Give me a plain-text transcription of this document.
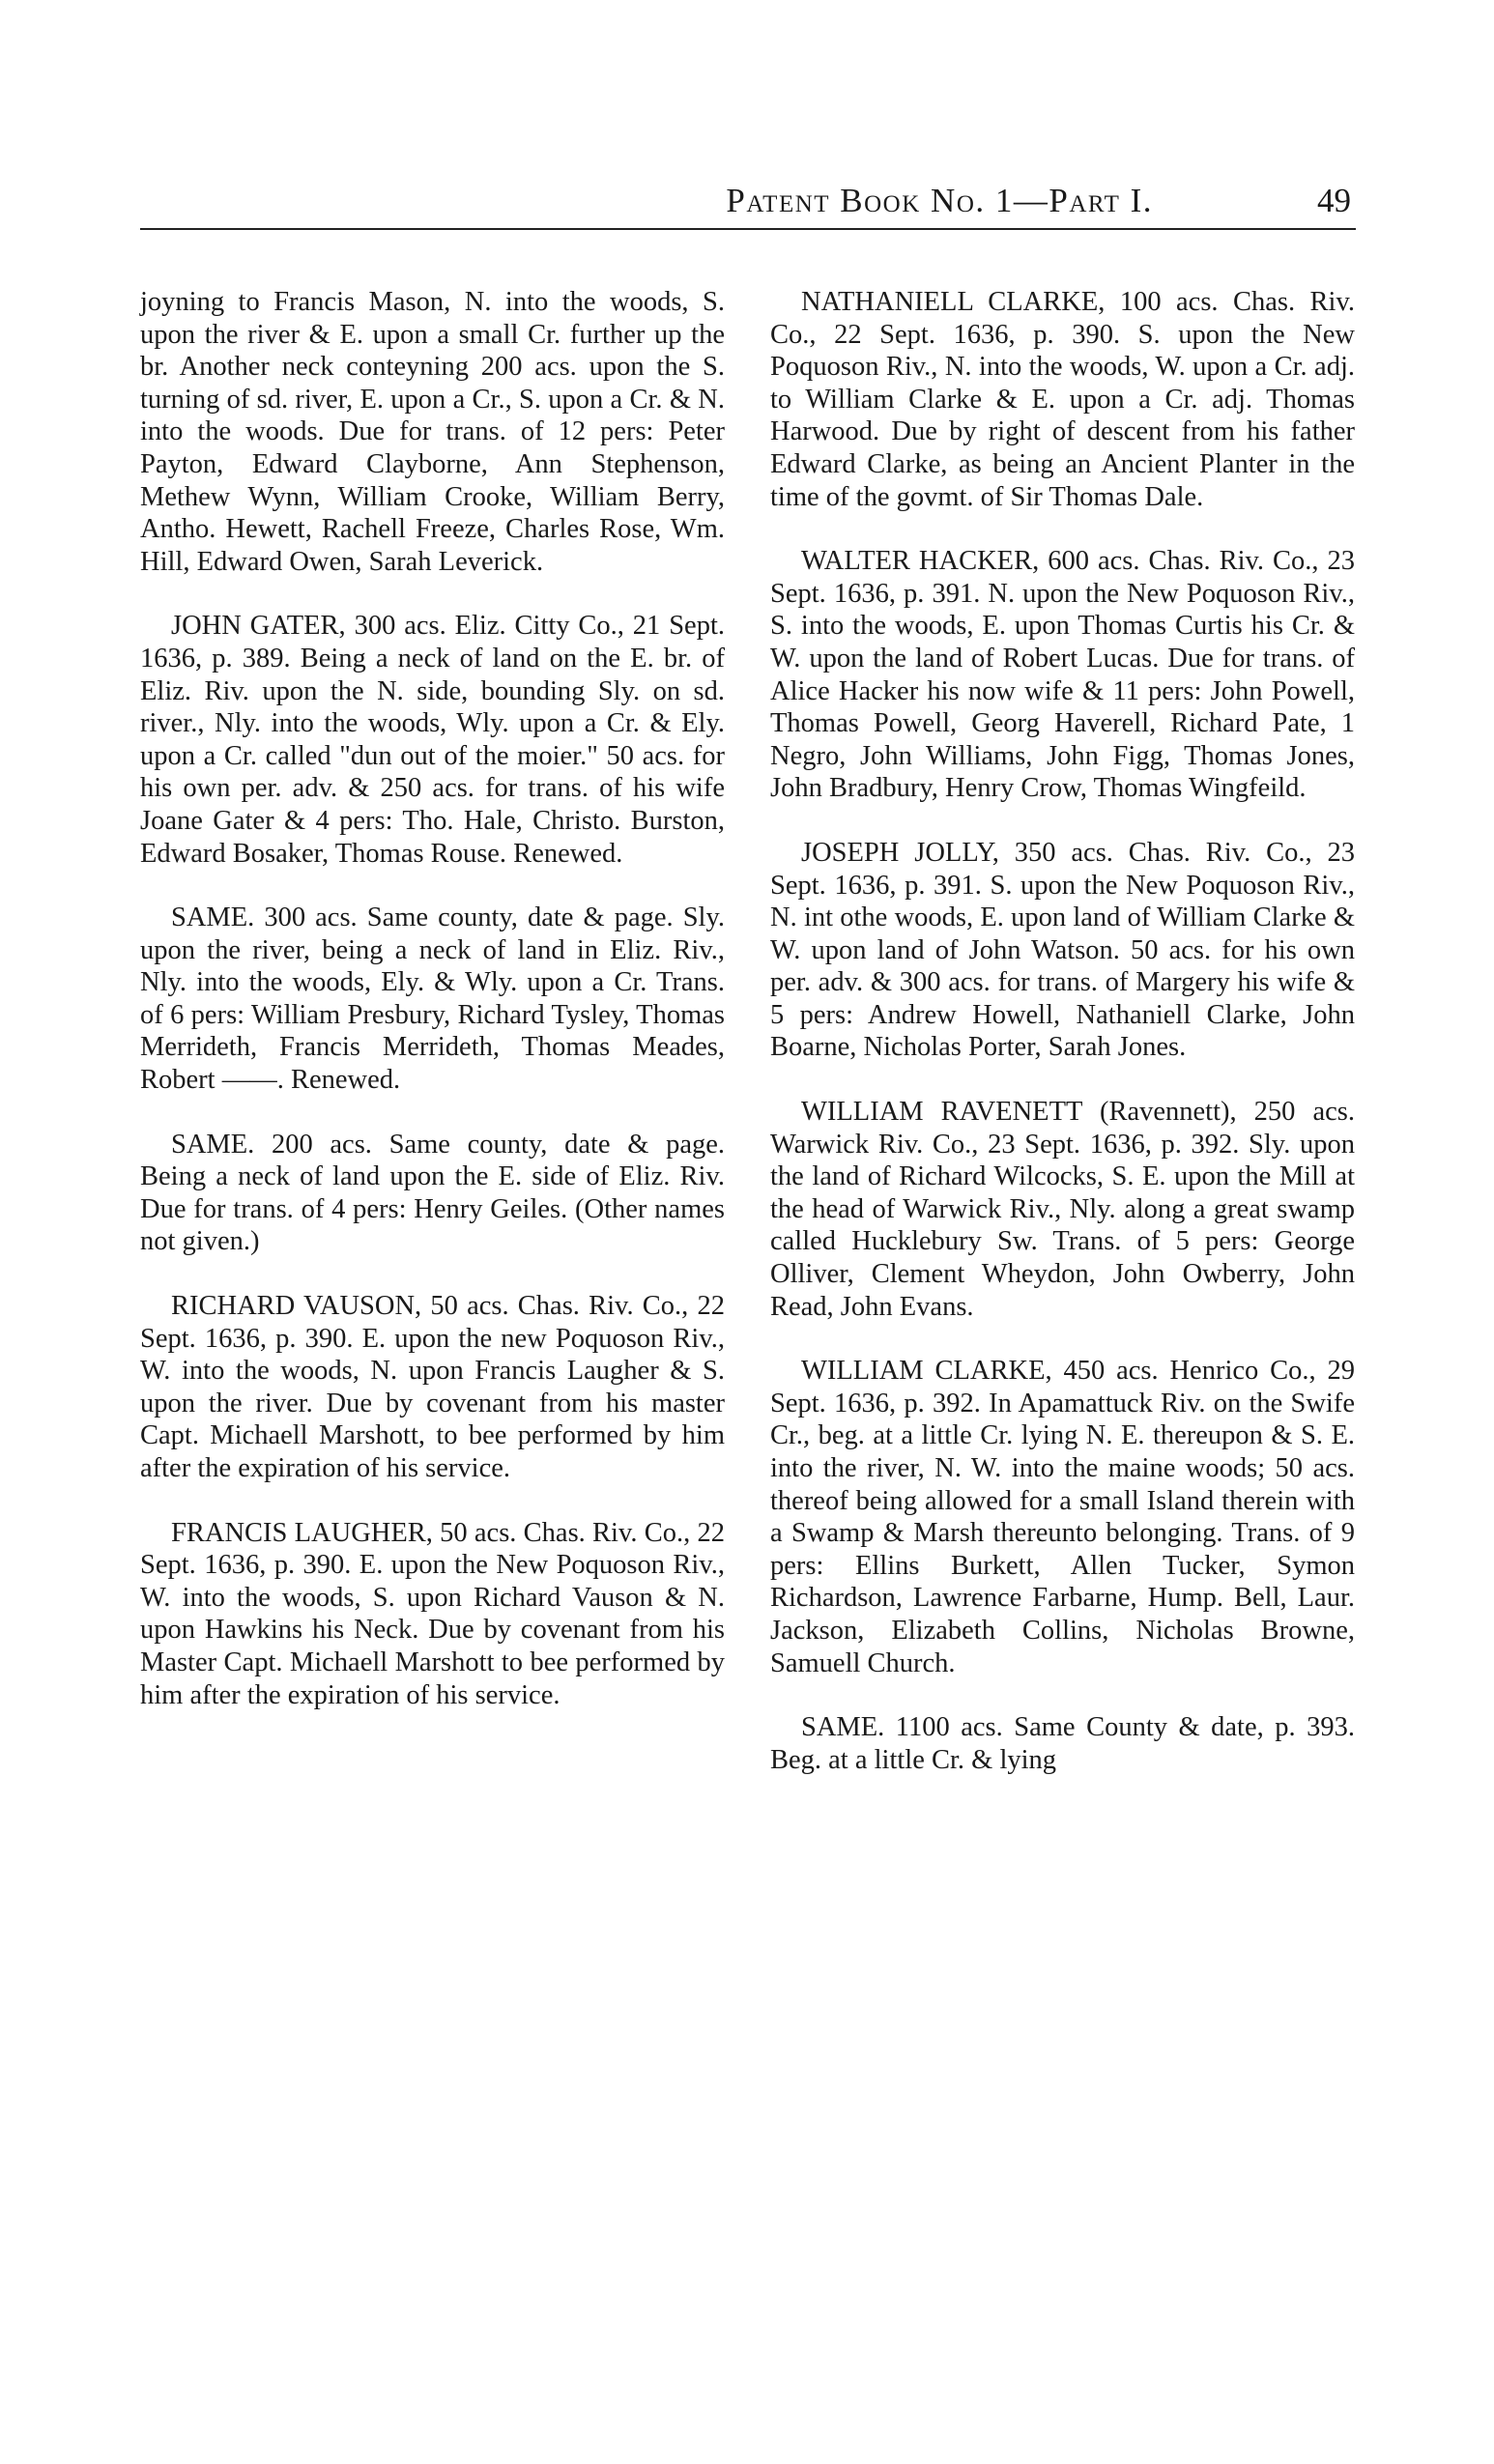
Patent Book No. 1—Part I.	49

joyning to Francis Mason, N. into the woods, S. upon the river & E. upon a small Cr. further up the br. Another neck conteyning 200 acs. upon the S. turning of sd. river, E. upon a Cr., S. upon a Cr. & N. into the woods. Due for trans. of 12 pers: Peter Payton, Edward Clayborne, Ann Stephenson, Methew Wynn, William Crooke, William Berry, Antho. Hewett, Rachell Freeze, Charles Rose, Wm. Hill, Edward Owen, Sarah Leverick.

JOHN GATER, 300 acs. Eliz. Citty Co., 21 Sept. 1636, p. 389. Being a neck of land on the E. br. of Eliz. Riv. upon the N. side, bounding Sly. on sd. river., Nly. into the woods, Wly. upon a Cr. & Ely. upon a Cr. called "dun out of the moier." 50 acs. for his own per. adv. & 250 acs. for trans. of his wife Joane Gater & 4 pers: Tho. Hale, Christo. Burston, Edward Bosaker, Thomas Rouse. Renewed.

SAME. 300 acs. Same county, date & page. Sly. upon the river, being a neck of land in Eliz. Riv., Nly. into the woods, Ely. & Wly. upon a Cr. Trans. of 6 pers: William Presbury, Richard Tysley, Thomas Merrideth, Francis Merrideth, Thomas Meades, Robert ——. Renewed.

SAME. 200 acs. Same county, date & page. Being a neck of land upon the E. side of Eliz. Riv. Due for trans. of 4 pers: Henry Geiles. (Other names not given.)

RICHARD VAUSON, 50 acs. Chas. Riv. Co., 22 Sept. 1636, p. 390. E. upon the new Poquoson Riv., W. into the woods, N. upon Francis Laugher & S. upon the river. Due by covenant from his master Capt. Michaell Marshott, to bee performed by him after the expiration of his service.

FRANCIS LAUGHER, 50 acs. Chas. Riv. Co., 22 Sept. 1636, p. 390. E. upon the New Poquoson Riv., W. into the woods, S. upon Richard Vauson & N. upon Hawkins his Neck. Due by covenant from his Master Capt. Michaell Marshott to bee performed by him after the expiration of his service.

NATHANIELL CLARKE, 100 acs. Chas. Riv. Co., 22 Sept. 1636, p. 390. S. upon the New Poquoson Riv., N. into the woods, W. upon a Cr. adj. to William Clarke & E. upon a Cr. adj. Thomas Harwood. Due by right of descent from his father Edward Clarke, as being an Ancient Planter in the time of the govmt. of Sir Thomas Dale.

WALTER HACKER, 600 acs. Chas. Riv. Co., 23 Sept. 1636, p. 391. N. upon the New Poquoson Riv., S. into the woods, E. upon Thomas Curtis his Cr. & W. upon the land of Robert Lucas. Due for trans. of Alice Hacker his now wife & 11 pers: John Powell, Thomas Powell, Georg Haverell, Richard Pate, 1 Negro, John Williams, John Figg, Thomas Jones, John Bradbury, Henry Crow, Thomas Wingfeild.

JOSEPH JOLLY, 350 acs. Chas. Riv. Co., 23 Sept. 1636, p. 391. S. upon the New Poquoson Riv., N. int othe woods, E. upon land of William Clarke & W. upon land of John Watson. 50 acs. for his own per. adv. & 300 acs. for trans. of Margery his wife & 5 pers: Andrew Howell, Nathaniell Clarke, John Boarne, Nicholas Porter, Sarah Jones.

WILLIAM RAVENETT (Ravennett), 250 acs. Warwick Riv. Co., 23 Sept. 1636, p. 392. Sly. upon the land of Richard Wilcocks, S. E. upon the Mill at the head of Warwick Riv., Nly. along a great swamp called Hucklebury Sw. Trans. of 5 pers: George Olliver, Clement Wheydon, John Owberry, John Read, John Evans.

WILLIAM CLARKE, 450 acs. Henrico Co., 29 Sept. 1636, p. 392. In Apamattuck Riv. on the Swife Cr., beg. at a little Cr. lying N. E. thereupon & S. E. into the river, N. W. into the maine woods; 50 acs. thereof being allowed for a small Island therein with a Swamp & Marsh thereunto belonging. Trans. of 9 pers: Ellins Burkett, Allen Tucker, Symon Richardson, Lawrence Farbarne, Hump. Bell, Laur. Jackson, Elizabeth Collins, Nicholas Browne, Samuell Church.

SAME. 1100 acs. Same County & date, p. 393. Beg. at a little Cr. & lying
